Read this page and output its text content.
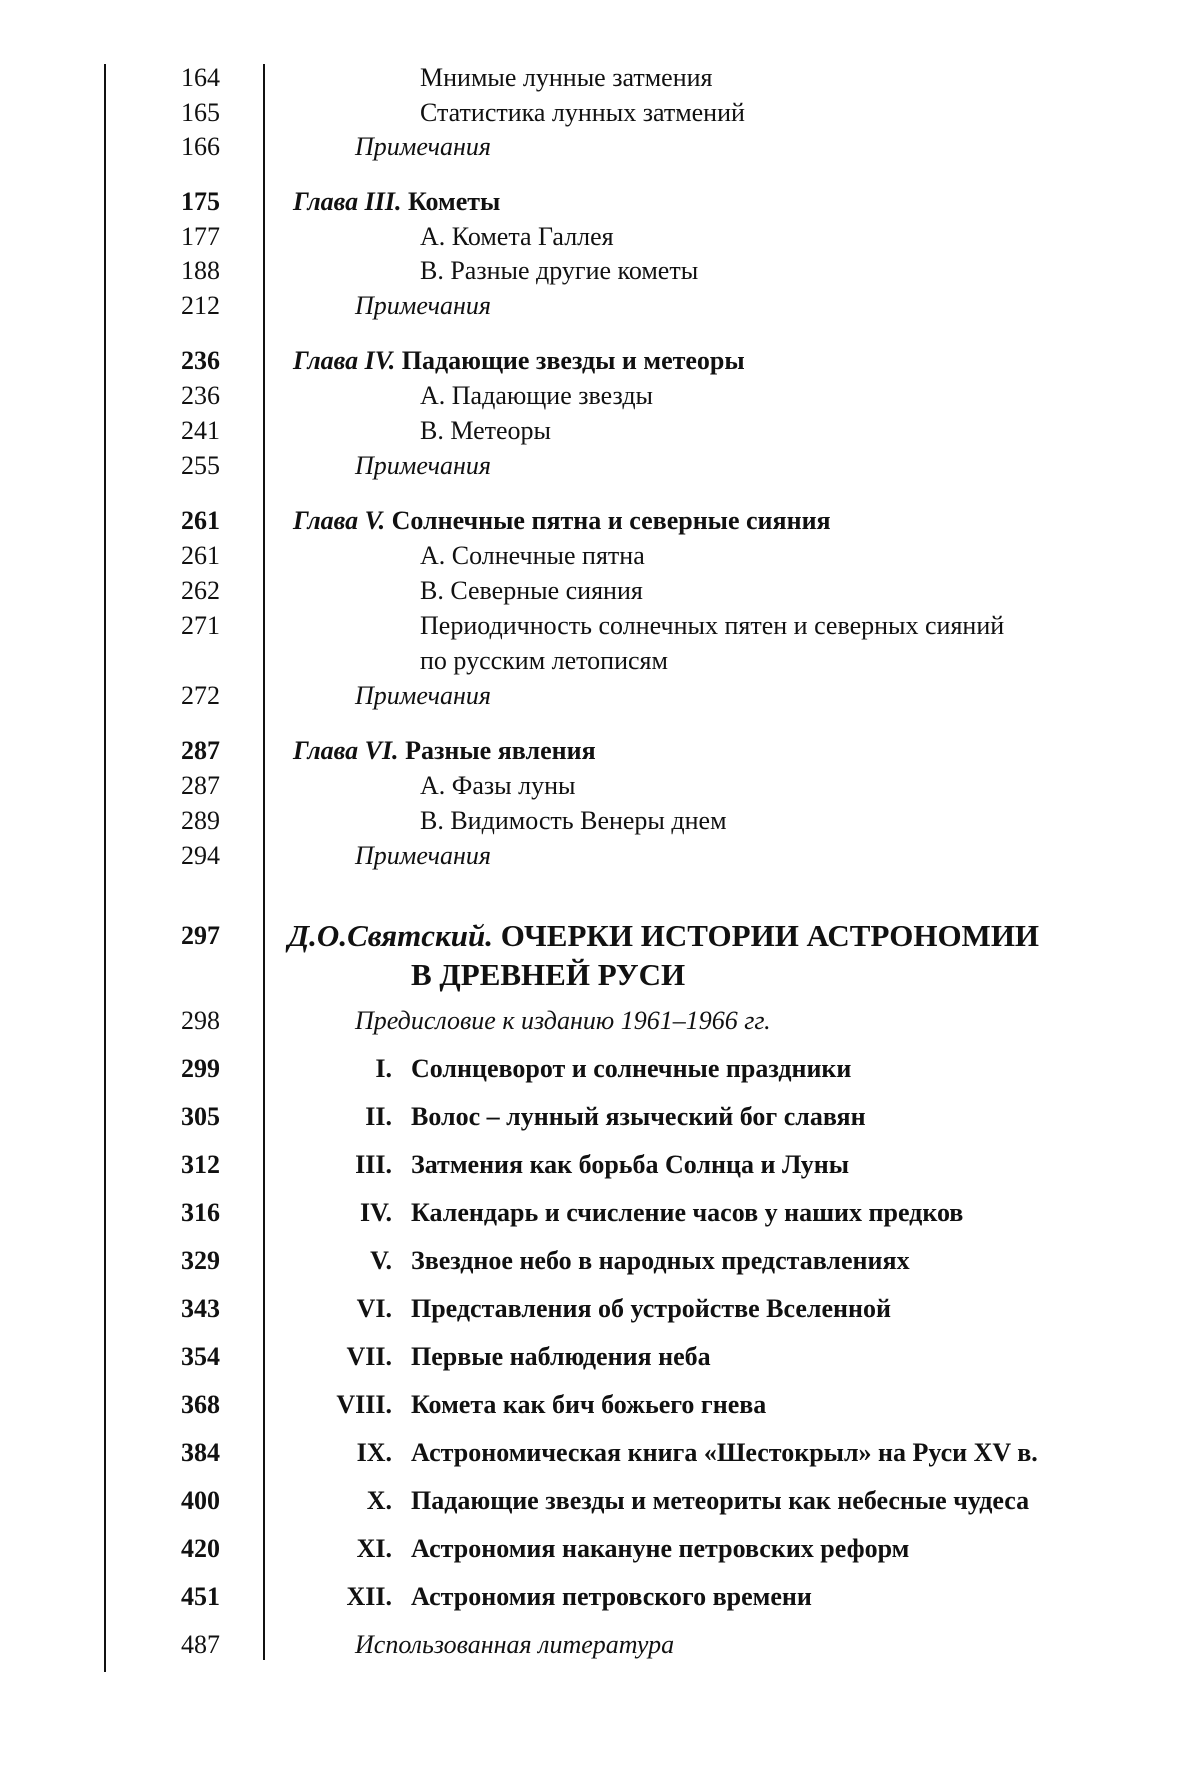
164	Мнимые лунные затмения
165	Статистика лунных затмений
166	Примечания
175	Глава III. Кометы
177	А. Комета Галлея
188	B. Разные другие кометы
212	Примечания
236	Глава IV. Падающие звезды и метеоры
236	А. Падающие звезды
241	B. Метеоры
255	Примечания
261	Глава V. Солнечные пятна и северные сияния
261	А. Солнечные пятна
262	B. Северные сияния
271	Периодичность солнечных пятен и северных сияний
по русским летописям
272	Примечания
287	Глава VI. Разные явления
287	А. Фазы луны
289	B. Видимость Венеры днем
294	Примечания
297 Д.О.Святский. ОЧЕРКИ ИСТОРИИ АСТРОНОМИИ
В ДРЕВНЕЙ РУСИ
298	Предисловие к изданию 1961–1966 гг.
299	I. Солнцеворот и солнечные праздники
305	II. Волос – лунный языческий бог славян
312	III. Затмения как борьба Солнца и Луны
316	IV. Календарь и счисление часов у наших предков
329	V. Звездное небо в народных представлениях
343	VI. Представления об устройстве Вселенной
354	VII. Первые наблюдения неба
368	VIII. Комета как бич божьего гнева
384	IX. Астрономическая книга «Шестокрыл» на Руси XV в.
400	X. Падающие звезды и метеориты как небесные чудеса
420	XI. Астрономия накануне петровских реформ
451	XII. Астрономия петровского времени
487	Использованная литература
